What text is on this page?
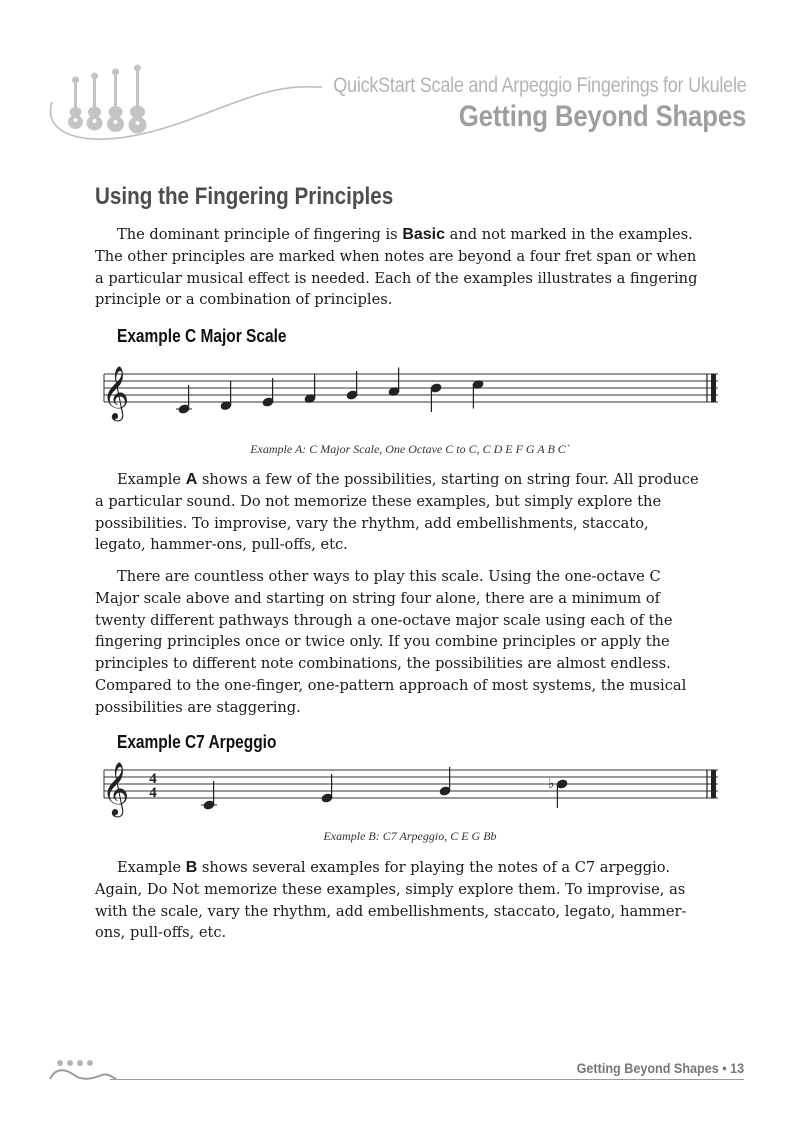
QuickStart Scale and Arpeggio Fingerings for Ukulele
Getting Beyond Shapes
Using the Fingering Principles

The dominant principle of fingering is Basic and not marked in the examples. The other principles are marked when notes are beyond a four fret span or when a particular musical effect is needed. Each of the examples illustrates a fingering principle or a combination of principles.

Example C Major Scale
𝄞
Example A: C Major Scale, One Octave C to C, C D E F G A B C`

Example A shows a few of the possibilities, starting on string four. All produce a particular sound. Do not memorize these examples, but simply explore the possibilities. To improvise, vary the rhythm, add embellishments, staccato, legato, hammer-ons, pull-offs, etc.

There are countless other ways to play this scale. Using the one-octave C Major scale above and starting on string four alone, there are a minimum of twenty different pathways through a one-octave major scale using each of the fingering principles once or twice only. If you combine principles or apply the principles to different note combinations, the possibilities are almost endless. Compared to the one-finger, one-pattern approach of most systems, the musical possibilities are staggering.

Example C7 Arpeggio
𝄞 4
4
♭
Example B: C7 Arpeggio, C E G Bb

Example B shows several examples for playing the notes of a C7 arpeggio. Again, Do Not memorize these examples, simply explore them. To improvise, as with the scale, vary the rhythm, add embellishments, staccato, legato, hammer-ons, pull-offs, etc.

Getting Beyond Shapes • 13
